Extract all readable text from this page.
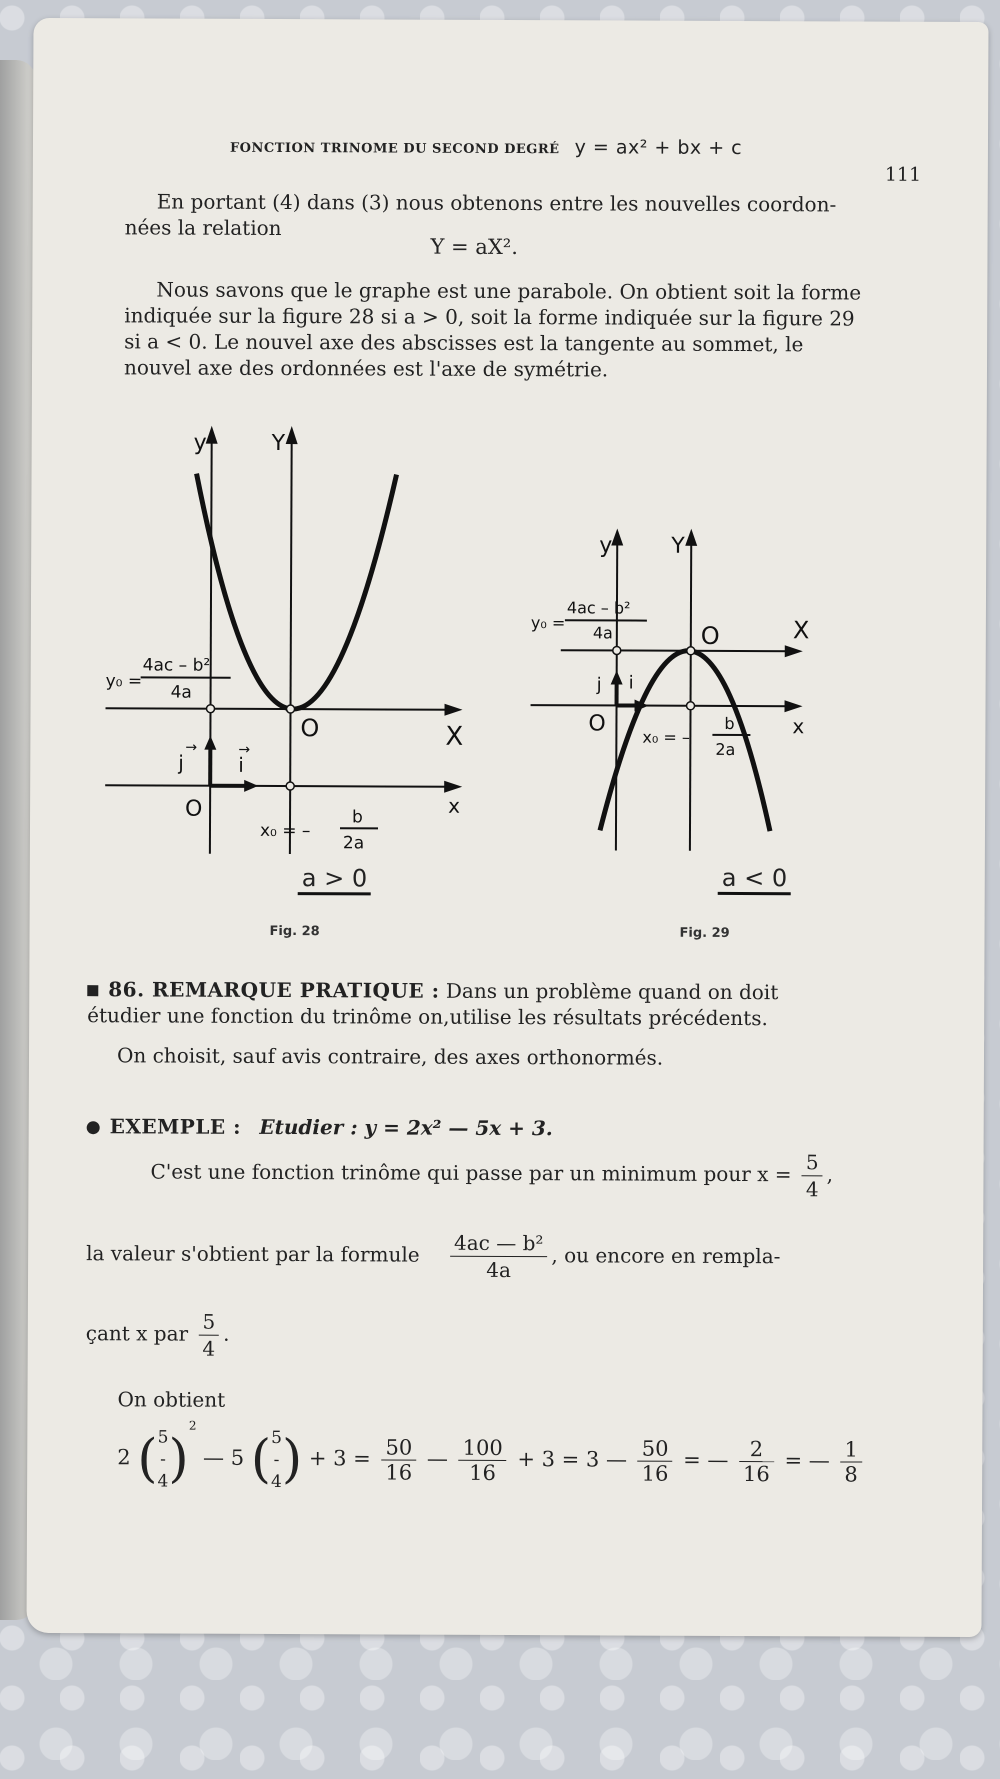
FONCTION TRINOME DU SECOND DEGRÉ y = ax² + bx + c
111
En portant (4) dans (3) nous obtenons entre les nouvelles coordon-
nées la relation
Y = aX².
Nous savons que le graphe est une parabole. On obtient soit la forme
indiquée sur la figure 28 si a > 0, soit la forme indiquée sur la figure 29
si a < 0. Le nouvel axe des abscisses est la tangente au sommet, le
nouvel axe des ordonnées est l'axe de symétrie.
y	Y
X
x
O
O
j	i
→	→
y₀ =
4ac – b²
4a
x₀ = –
b
2a
a > 0
Fig. 28
y	Y
O	X
x
O
j i
y₀ =
4ac – b²
4a
x₀ = –
b
2a
a < 0
Fig. 29
86. REMARQUE PRATIQUE : Dans un problème quand on doit
étudier une fonction du trinôme on,utilise les résultats précédents.
On choisit, sauf avis contraire, des axes orthonormés.
EXEMPLE : Etudier : y = 2x² — 5x + 3.
C'est une fonction trinôme qui passe par un minimum pour $x = \frac{5}{4}$ ,
la valeur s'obtient par la formule $\frac{\text{4ac — b²}}{4a}$ , ou encore en rempla-
çant x par $\frac{5}{4}$ .
On obtient
2 ( 5
-
4 )$^2$ — 5 ( 5
-
4 ) + $3 = \frac{50}{16}$ — $\frac{100}{16} + 3 = 3$ — $\frac{50}{16}$ = — $\frac{2}{16}$ = — $\frac{1}{8}$
